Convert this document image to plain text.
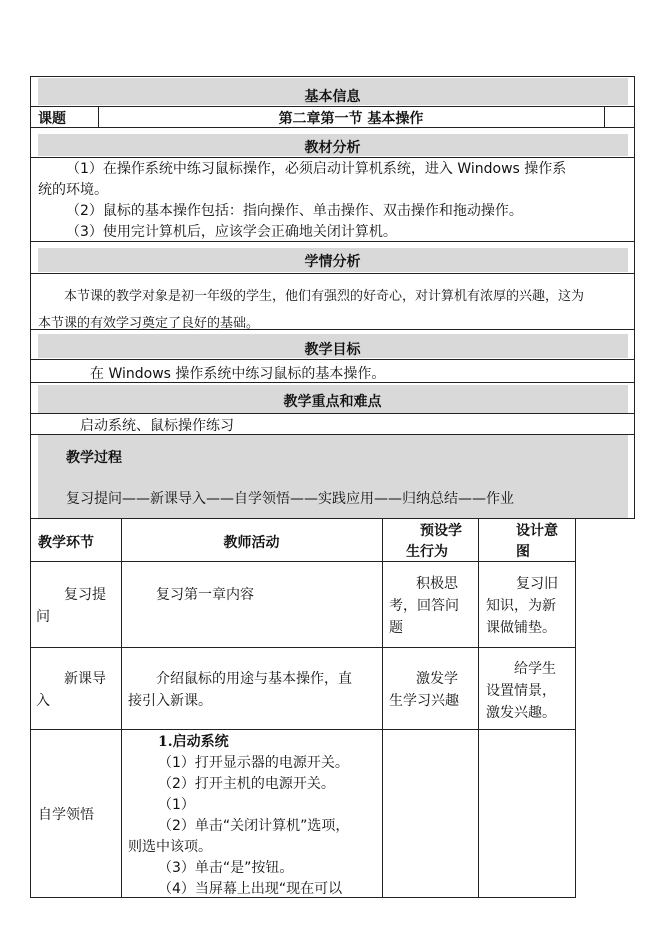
基本信息
课题	第二章第一节 基本操作
教材分析
（1）在操作系统中练习鼠标操作，必须启动计算机系统，进入 Windows 操作系
统的环境。
（2）鼠标的基本操作包括：指向操作、单击操作、双击操作和拖动操作。
（3）使用完计算机后，应该学会正确地关闭计算机。
学情分析
本节课的教学对象是初一年级的学生，他们有强烈的好奇心，对计算机有浓厚的兴趣，这为
本节课的有效学习奠定了良好的基础。
教学目标
在 Windows 操作系统中练习鼠标的基本操作。
教学重点和难点
启动系统、鼠标操作练习
教学过程
复习提问——新课导入——自学领悟——实践应用——归纳总结——作业
教学环节	教师活动
预设学
生行为
设计意
图
复习提
问
复习第一章内容
积极思
考，回答问
题
复习旧
知识，为新
课做铺垫。
新课导
入
介绍鼠标的用途与基本操作，直
接引入新课。
激发学
生学习兴趣
给学生
设置情景，
激发兴趣。
自学领悟
1.启动系统
（1）打开显示器的电源开关。
（2）打开主机的电源开关。
（1）
（2）单击“关闭计算机”选项，
则选中该项。
（3）单击“是”按钮。
（4）当屏幕上出现“现在可以
